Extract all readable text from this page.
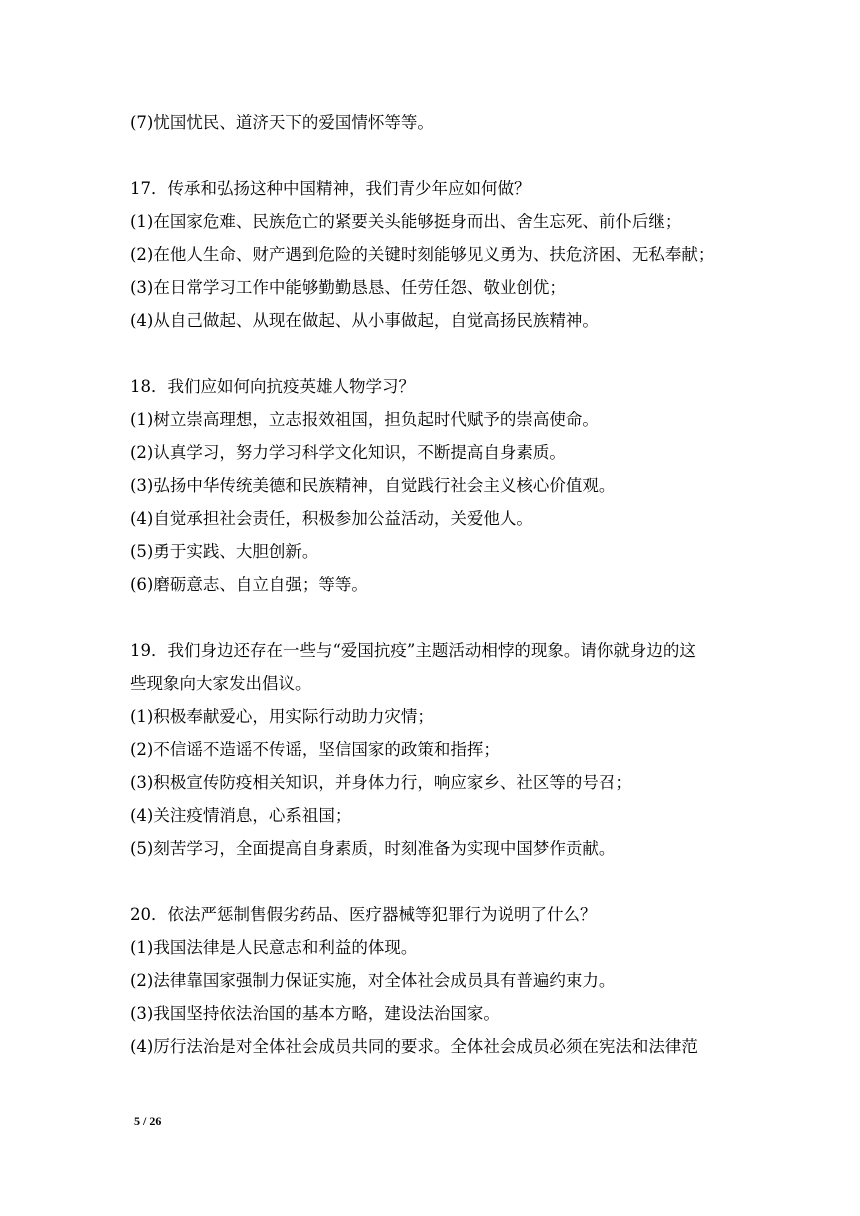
(7)忧国忧民、道济天下的爱国情怀等等。
17．传承和弘扬这种中国精神，我们青少年应如何做？
(1)在国家危难、民族危亡的紧要关头能够挺身而出、舍生忘死、前仆后继；
(2)在他人生命、财产遇到危险的关键时刻能够见义勇为、扶危济困、无私奉献；
(3)在日常学习工作中能够勤勤恳恳、任劳任怨、敬业创优；
(4)从自己做起、从现在做起、从小事做起，自觉高扬民族精神。
18．我们应如何向抗疫英雄人物学习？
(1)树立崇高理想，立志报效祖国，担负起时代赋予的崇高使命。
(2)认真学习，努力学习科学文化知识，不断提高自身素质。
(3)弘扬中华传统美德和民族精神，自觉践行社会主义核心价值观。
(4)自觉承担社会责任，积极参加公益活动，关爱他人。
(5)勇于实践、大胆创新。
(6)磨砺意志、自立自强；等等。
19．我们身边还存在一些与“爱国抗疫”主题活动相悖的现象。请你就身边的这
些现象向大家发出倡议。
(1)积极奉献爱心，用实际行动助力灾情；
(2)不信谣不造谣不传谣，坚信国家的政策和指挥；
(3)积极宣传防疫相关知识，并身体力行，响应家乡、社区等的号召；
(4)关注疫情消息，心系祖国；
(5)刻苦学习，全面提高自身素质，时刻准备为实现中国梦作贡献。
20．依法严惩制售假劣药品、医疗器械等犯罪行为说明了什么？
(1)我国法律是人民意志和利益的体现。
(2)法律靠国家强制力保证实施，对全体社会成员具有普遍约束力。
(3)我国坚持依法治国的基本方略，建设法治国家。
(4)厉行法治是对全体社会成员共同的要求。全体社会成员必须在宪法和法律范
5 / 26
